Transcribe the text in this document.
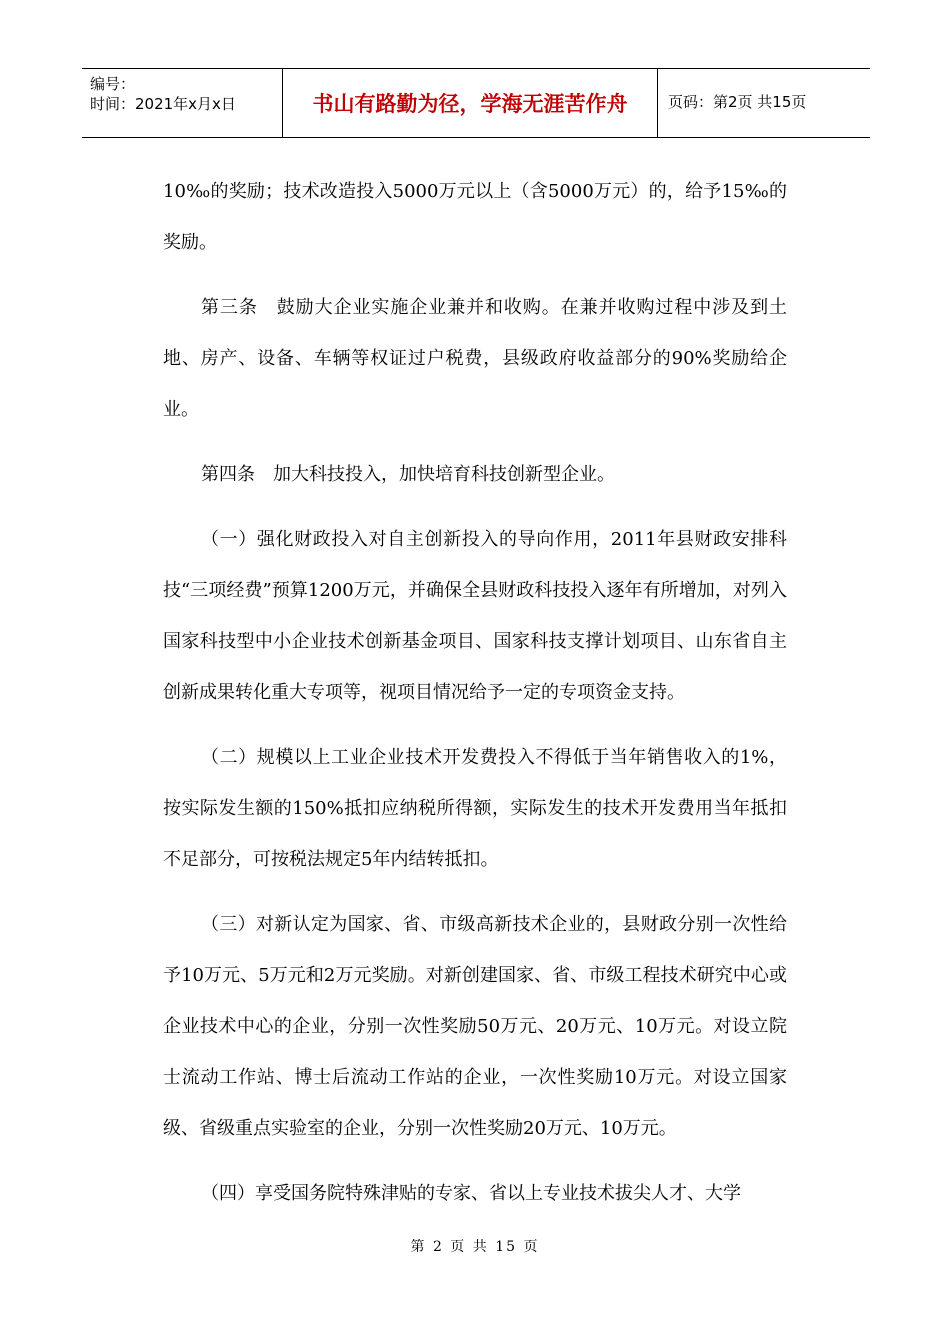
编号：
时间：2021年x月x日	书山有路勤为径，学海无涯苦作舟	页码：第2页 共15页

10‰的奖励；技术改造投入5000万元以上（含5000万元）的，给予15‰的奖励。

第三条　鼓励大企业实施企业兼并和收购。在兼并收购过程中涉及到土地、房产、设备、车辆等权证过户税费，县级政府收益部分的90%奖励给企业。

第四条　加大科技投入，加快培育科技创新型企业。

（一）强化财政投入对自主创新投入的导向作用，2011年县财政安排科技“三项经费”预算1200万元，并确保全县财政科技投入逐年有所增加，对列入国家科技型中小企业技术创新基金项目、国家科技支撑计划项目、山东省自主创新成果转化重大专项等，视项目情况给予一定的专项资金支持。

（二）规模以上工业企业技术开发费投入不得低于当年销售收入的1%，按实际发生额的150%抵扣应纳税所得额，实际发生的技术开发费用当年抵扣不足部分，可按税法规定5年内结转抵扣。

（三）对新认定为国家、省、市级高新技术企业的，县财政分别一次性给予10万元、5万元和2万元奖励。对新创建国家、省、市级工程技术研究中心或企业技术中心的企业，分别一次性奖励50万元、20万元、10万元。对设立院士流动工作站、博士后流动工作站的企业，一次性奖励10万元。对设立国家级、省级重点实验室的企业，分别一次性奖励20万元、10万元。

（四）享受国务院特殊津贴的专家、省以上专业技术拔尖人才、大学

第 2 页 共 15 页
